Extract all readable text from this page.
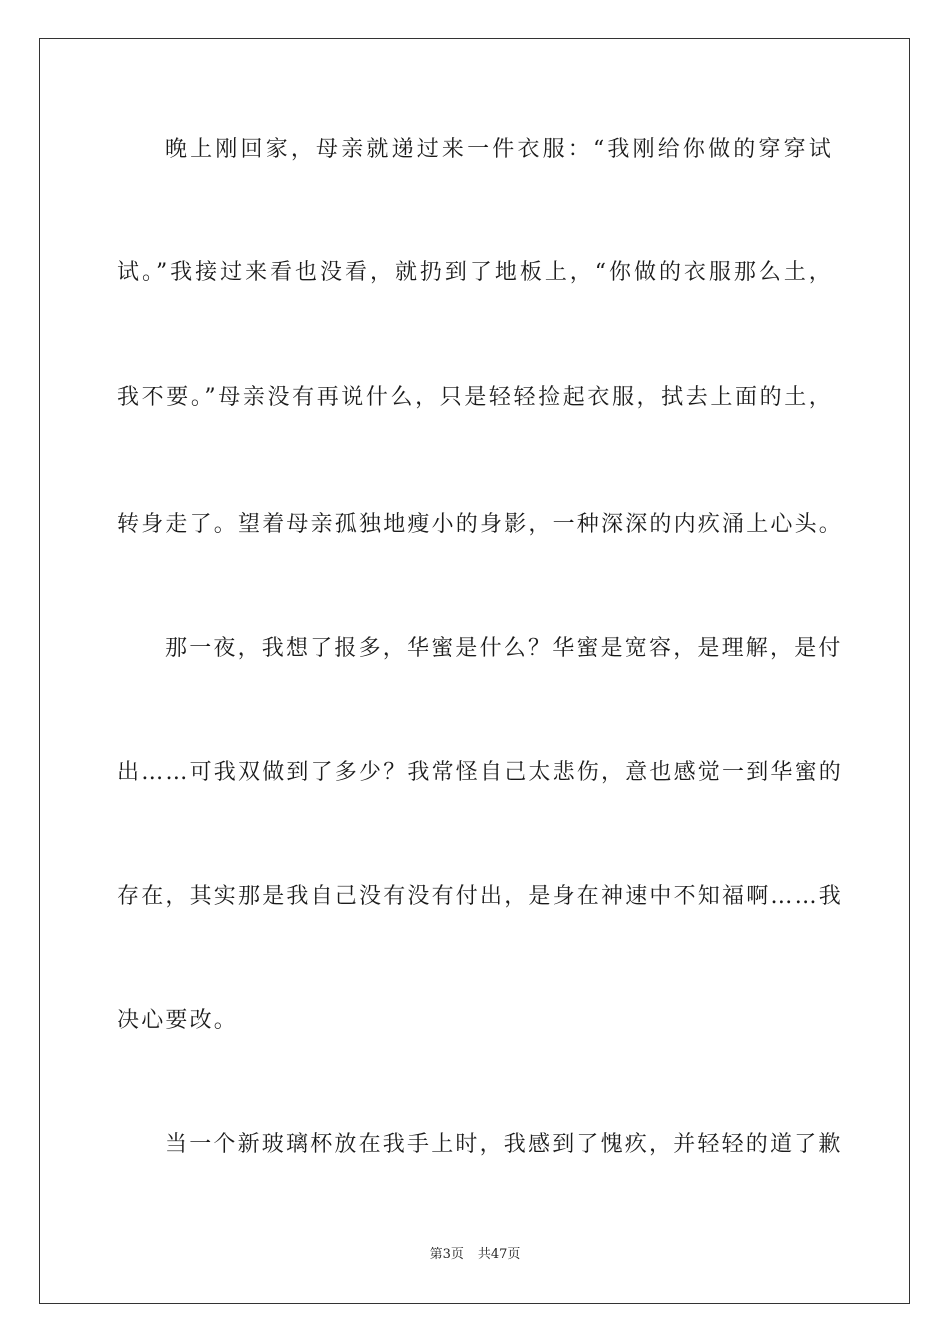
晚上刚回家，母亲就递过来一件衣服：“我刚给你做的穿穿试
试。”我接过来看也没看，就扔到了地板上，“你做的衣服那么土，
我不要。”母亲没有再说什么，只是轻轻捡起衣服，拭去上面的土，
转身走了。望着母亲孤独地瘦小的身影，一种深深的内疚涌上心头。
那一夜，我想了报多，华蜜是什么？华蜜是宽容，是理解，是付
出……可我双做到了多少？我常怪自己太悲伤，意也感觉一到华蜜的
存在，其实那是我自己没有没有付出，是身在神速中不知福啊……我
决心要改。
当一个新玻璃杯放在我手上时，我感到了愧疚，并轻轻的道了歉
第3页 共47页
